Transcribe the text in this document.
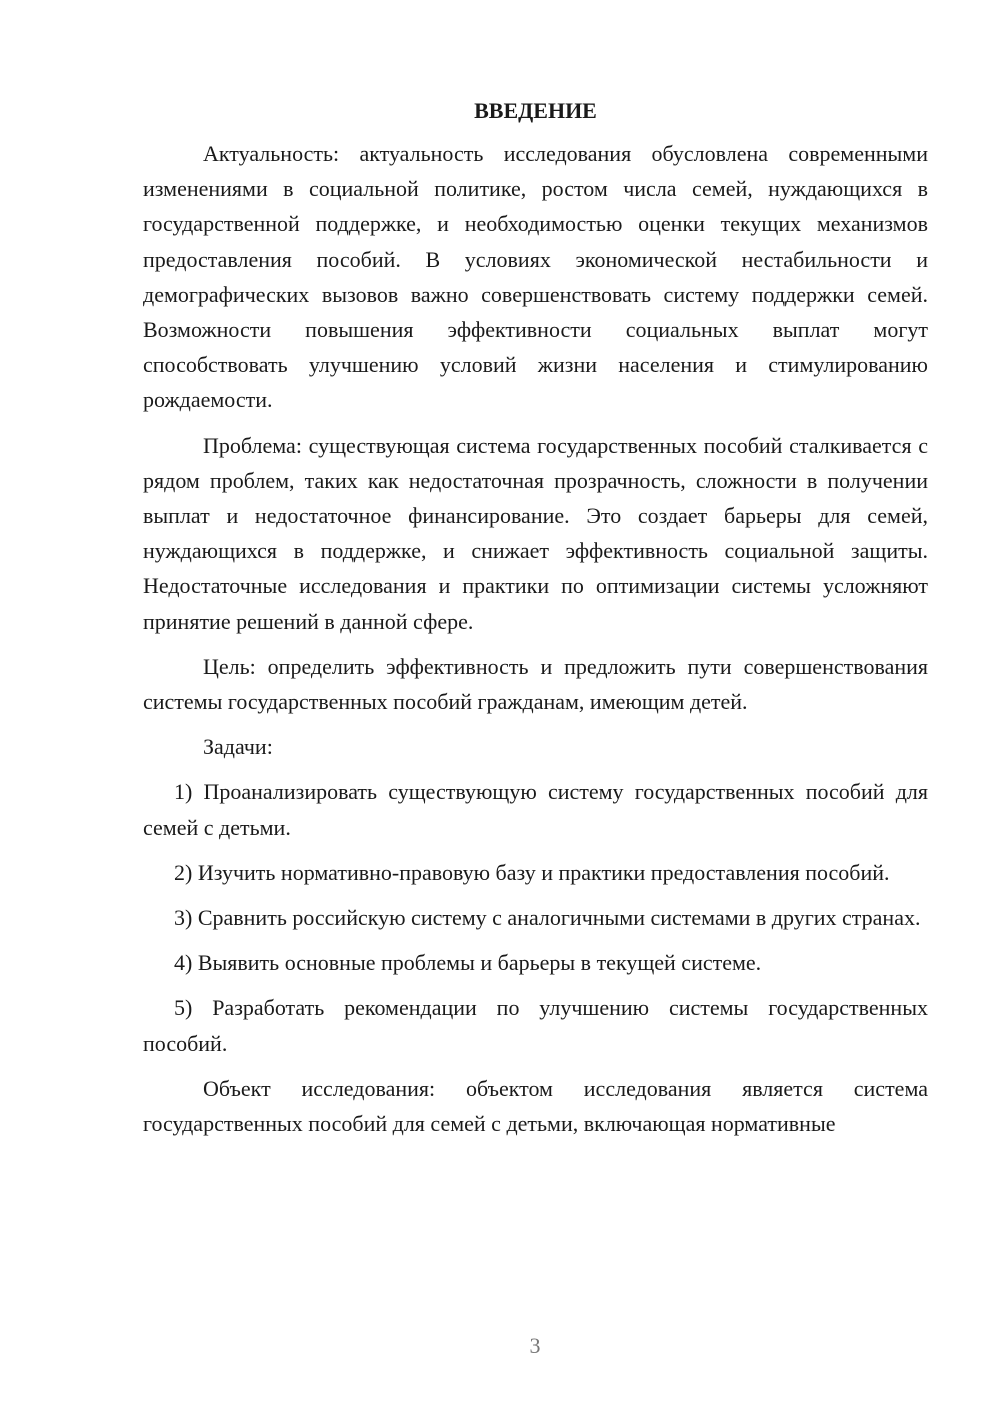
ВВЕДЕНИЕ

Актуальность: актуальность исследования обусловлена современными изменениями в социальной политике, ростом числа семей, нуждающихся в государственной поддержке, и необходимостью оценки текущих механизмов предоставления пособий. В условиях экономической нестабильности и демографических вызовов важно совершенствовать систему поддержки семей. Возможности повышения эффективности социальных выплат могут способствовать улучшению условий жизни населения и стимулированию рождаемости.

Проблема: существующая система государственных пособий сталкивается с рядом проблем, таких как недостаточная прозрачность, сложности в получении выплат и недостаточное финансирование. Это создает барьеры для семей, нуждающихся в поддержке, и снижает эффективность социальной защиты. Недостаточные исследования и практики по оптимизации системы усложняют принятие решений в данной сфере.

Цель: определить эффективность и предложить пути совершенствования системы государственных пособий гражданам, имеющим детей.

Задачи:

1) Проанализировать существующую систему государственных пособий для семей с детьми.

2) Изучить нормативно-правовую базу и практики предоставления пособий.

3) Сравнить российскую систему с аналогичными системами в других странах.

4) Выявить основные проблемы и барьеры в текущей системе.

5) Разработать рекомендации по улучшению системы государственных пособий.

Объект исследования: объектом исследования является система государственных пособий для семей с детьми, включающая нормативные

3
